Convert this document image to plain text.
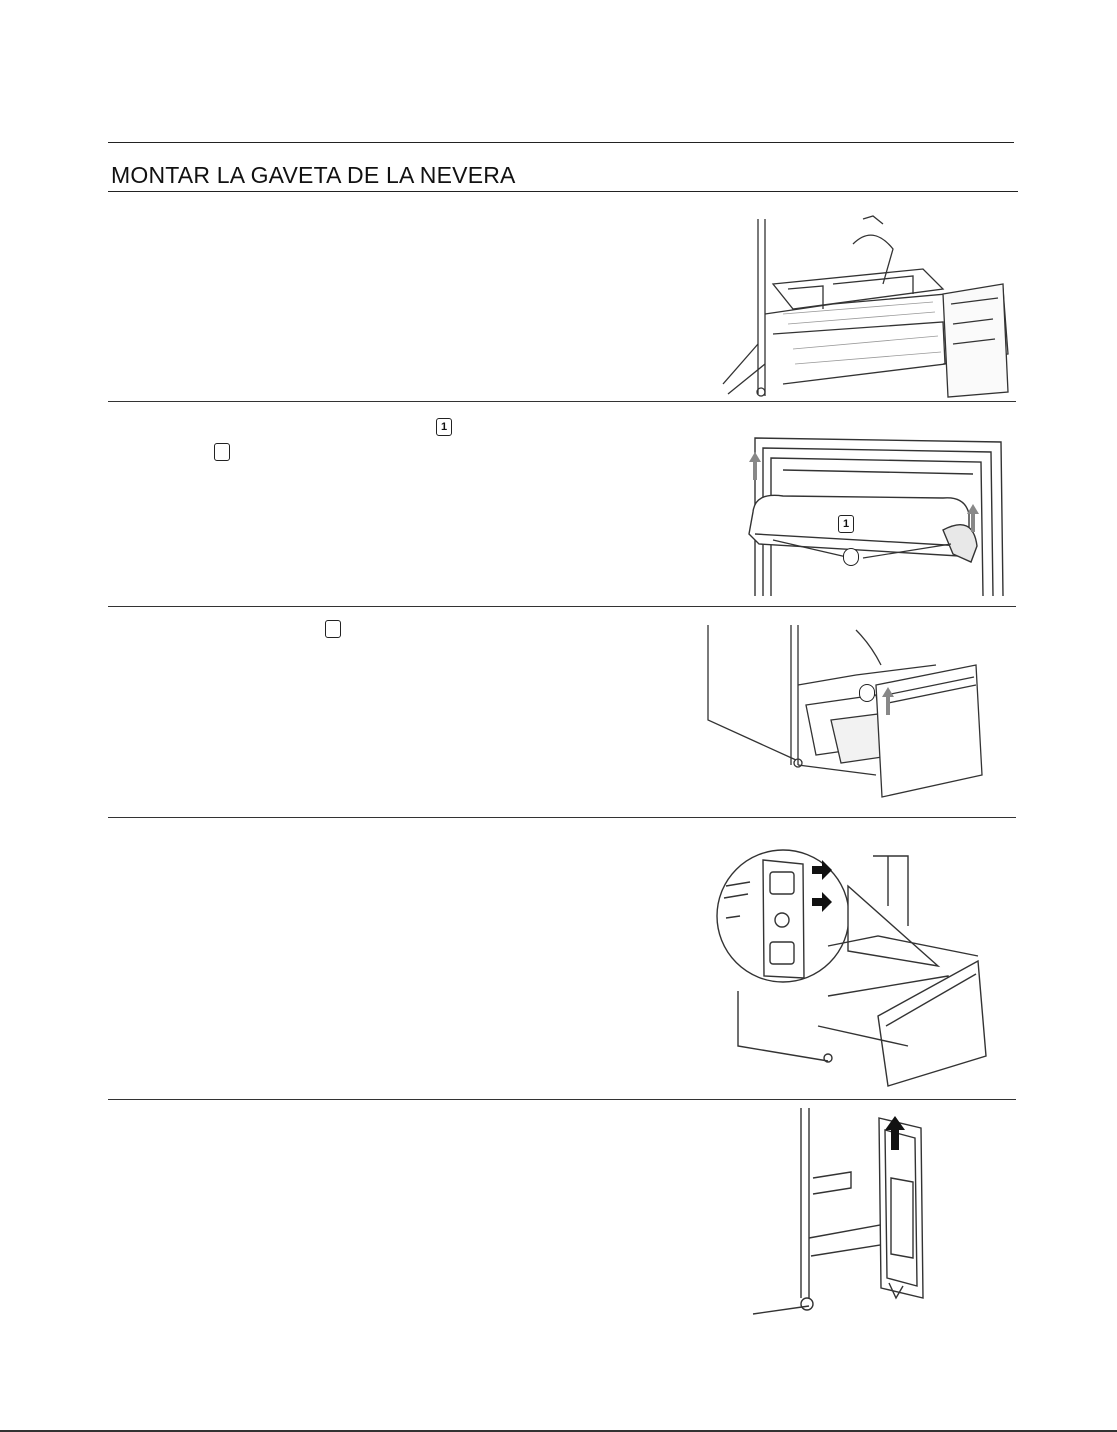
MONTAR LA GAVETA DE LA NEVERA
1
1
